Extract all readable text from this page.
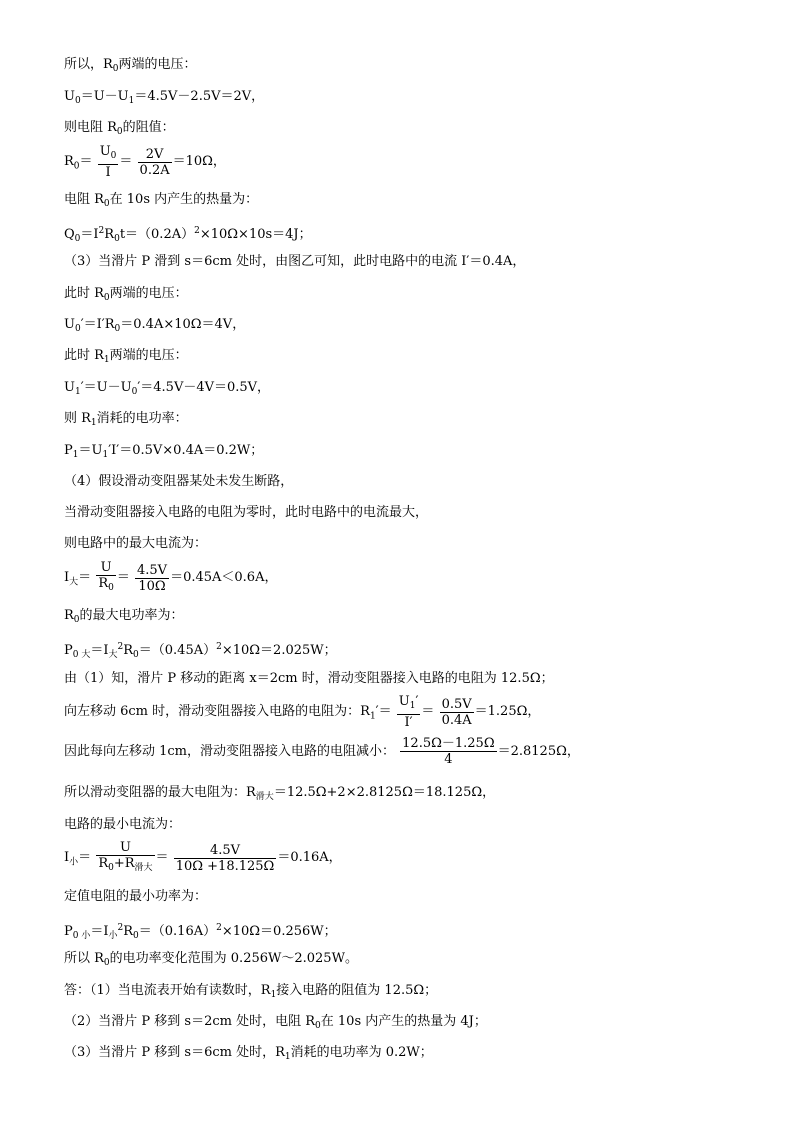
所以，$R_0$两端的电压：
$U_0=U-U_1=4.5V-2.5V=2V$，
则电阻 $R_0$的阻值：
$R_0= \frac{U_0}{I} = \frac{2V}{0.2A} =10\Omega$，
电阻 $R_0$在 10s 内产生的热量为：
$Q_0=I^2R_0t=(0.2A)^2\times 10\Omega\times 10s=4J$；
（3）当滑片 P 滑到 s＝6cm 处时，由图乙可知，此时电路中的电流 I′＝0.4A，
此时 $R_0$两端的电压：
$U_0'=I'R_0=0.4A\times 10\Omega=4V$，
此时 $R_1$两端的电压：
$U_1'=U-U_0'=4.5V-4V=0.5V$，
则 $R_1$消耗的电功率：
$P_1=U_1'I'=0.5V\times 0.4A=0.2W$；
（4）假设滑动变阻器某处未发生断路，
当滑动变阻器接入电路的电阻为零时，此时电路中的电流最大，
则电路中的最大电流为：
$I_大= \frac{U}{R_0} = \frac{4.5V}{10\Omega} =0.45A<0.6A$，
$R_0$的最大电功率为：
$P_{0 大}=I_大^2R_0=(0.45A)^2\times 10\Omega=2.025W$；
由（1）知，滑片 P 移动的距离 x＝2cm 时，滑动变阻器接入电路的电阻为 12.5Ω；
向左移动 6cm 时，滑动变阻器接入电路的电阻为：$R_1'= \frac{U_1'}{I'} = \frac{0.5V}{0.4A} =1.25\Omega$，
因此每向左移动 1cm，滑动变阻器接入电路的电阻减小： $\frac{12.5\Omega-1.25\Omega}{4} =2.8125\Omega$，
所以滑动变阻器的最大电阻为：$R_{滑大}=12.5\Omega+2\times 2.8125\Omega=18.125\Omega$，
电路的最小电流为：
$I_小= \frac{U}{R_0+R_{滑大}} = \frac{4.5V}{10\Omega +18.125\Omega} =0.16A$，
定值电阻的最小功率为：
$P_{0 小}=I_小^2R_0=(0.16A)^2\times 10\Omega=0.256W$；
所以 $R_0$的电功率变化范围为 0.256W～2.025W。
答：（1）当电流表开始有读数时，$R_1$接入电路的阻值为 12.5Ω；
（2）当滑片 P 移到 s＝2cm 处时，电阻 $R_0$在 10s 内产生的热量为 4J；
（3）当滑片 P 移到 s＝6cm 处时，$R_1$消耗的电功率为 0.2W；
